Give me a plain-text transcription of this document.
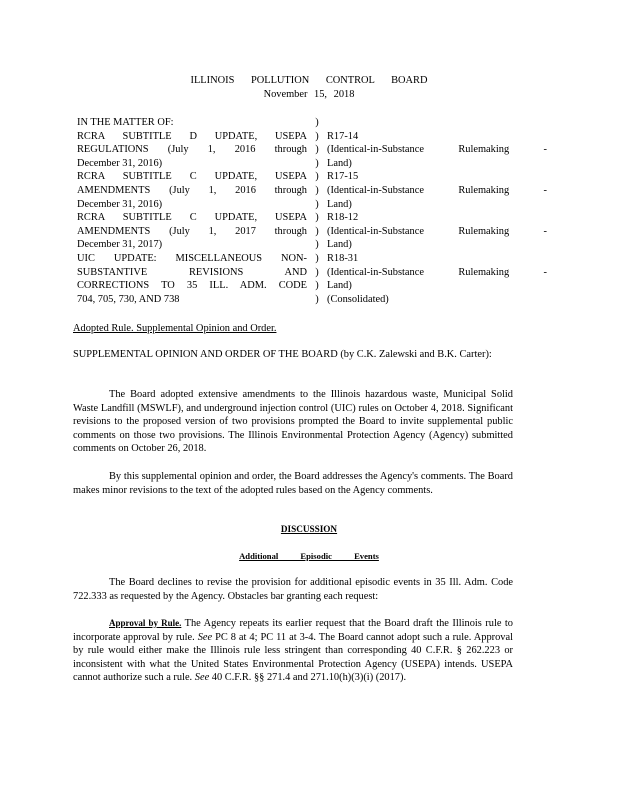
ILLINOIS POLLUTION CONTROL BOARD
November 15, 2018
IN THE MATTER OF:	)
RCRA SUBTITLE D UPDATE, USEPA ) R17-14
REGULATIONS (July 1, 2016 through ) (Identical-in-Substance Rulemaking -
December 31, 2016)	) Land)
RCRA SUBTITLE C UPDATE, USEPA ) R17-15
AMENDMENTS (July 1, 2016 through ) (Identical-in-Substance Rulemaking -
December 31, 2016)	) Land)
RCRA SUBTITLE C UPDATE, USEPA ) R18-12
AMENDMENTS (July 1, 2017 through ) (Identical-in-Substance Rulemaking -
December 31, 2017)	) Land)
UIC UPDATE: MISCELLANEOUS NON- ) R18-31
SUBSTANTIVE REVISIONS AND ) (Identical-in-Substance Rulemaking -
CORRECTIONS TO 35 ILL. ADM. CODE ) Land)
704, 705, 730, AND 738	) (Consolidated)
Adopted Rule. Supplemental Opinion and Order.
SUPPLEMENTAL OPINION AND ORDER OF THE BOARD (by C.K. Zalewski and B.K. Carter):
The Board adopted extensive amendments to the Illinois hazardous waste, Municipal Solid Waste Landfill (MSWLF), and underground injection control (UIC) rules on October 4, 2018. Significant revisions to the proposed version of two provisions prompted the Board to invite supplemental public comments on those two provisions. The Illinois Environmental Protection Agency (Agency) submitted comments on October 26, 2018.
By this supplemental opinion and order, the Board addresses the Agency's comments. The Board makes minor revisions to the text of the adopted rules based on the Agency comments.
DISCUSSION
Additional Episodic Events
The Board declines to revise the provision for additional episodic events in 35 Ill. Adm. Code 722.333 as requested by the Agency. Obstacles bar granting each request:
Approval by Rule. The Agency repeats its earlier request that the Board draft the Illinois rule to incorporate approval by rule. See PC 8 at 4; PC 11 at 3-4. The Board cannot adopt such a rule. Approval by rule would either make the Illinois rule less stringent than corresponding 40 C.F.R. § 262.223 or inconsistent with what the United States Environmental Protection Agency (USEPA) intends. USEPA cannot authorize such a rule. See 40 C.F.R. §§ 271.4 and 271.10(h)(3)(i) (2017).
